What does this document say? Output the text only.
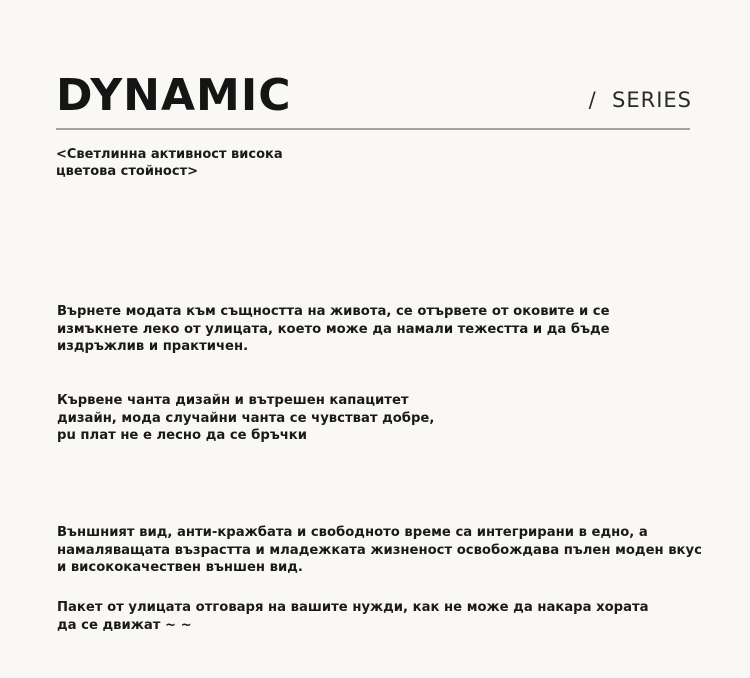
DYNAMIC	/  SERIES
<Светлинна активност висока
цветова стойност>
Върнете модата към същността на живота, се отървете от оковите и се
измъкнете леко от улицата, което може да намали тежестта и да бъде
издръжлив и практичен.
Кървене чанта дизайн и вътрешен капацитет
дизайн, мода случайни чанта се чувстват добре,
pu плат не е лесно да се бръчки
Външният вид, анти-кражбата и свободното време са интегрирани в едно, а
намаляващата възрастта и младежката жизненост освобождава пълен моден вкус
и висококачествен външен вид.
Пакет от улицата отговаря на вашите нужди, как не може да накара хората
да се движат ~ ~
